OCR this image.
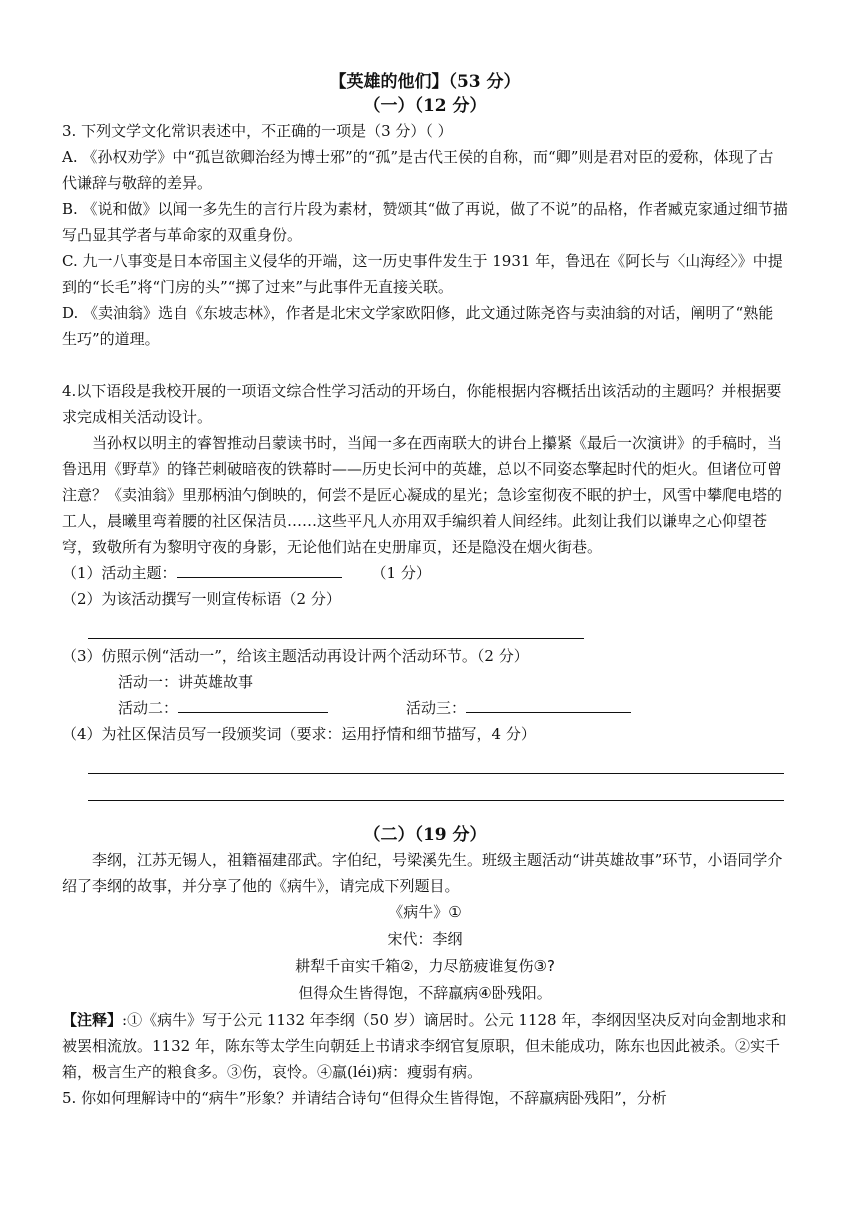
【英雄的他们】（53 分）

（一）（12 分）

3. 下列文学文化常识表述中，不正确的一项是（3 分）（ ）

A. 《孙权劝学》中“孤岂欲卿治经为博士邪”的“孤”是古代王侯的自称，而“卿”则是君对臣的爱称，体现了古代谦辞与敬辞的差异。

B. 《说和做》以闻一多先生的言行片段为素材，赞颂其“做了再说，做了不说”的品格，作者臧克家通过细节描写凸显其学者与革命家的双重身份。

C. 九一八事变是日本帝国主义侵华的开端，这一历史事件发生于 1931 年，鲁迅在《阿长与〈山海经〉》中提到的“长毛”将“门房的头”“掷了过来”与此事件无直接关联。

D. 《卖油翁》选自《东坡志林》，作者是北宋文学家欧阳修，此文通过陈尧咨与卖油翁的对话，阐明了“熟能生巧”的道理。

4.以下语段是我校开展的一项语文综合性学习活动的开场白，你能根据内容概括出该活动的主题吗？并根据要求完成相关活动设计。

当孙权以明主的睿智推动吕蒙读书时，当闻一多在西南联大的讲台上攥紧《最后一次演讲》的手稿时，当鲁迅用《野草》的锋芒刺破暗夜的铁幕时——历史长河中的英雄，总以不同姿态擎起时代的炬火。但诸位可曾注意？《卖油翁》里那柄油勺倒映的，何尝不是匠心凝成的星光；急诊室彻夜不眠的护士，风雪中攀爬电塔的工人，晨曦里弯着腰的社区保洁员……这些平凡人亦用双手编织着人间经纬。此刻让我们以谦卑之心仰望苍穹，致敬所有为黎明守夜的身影，无论他们站在史册扉页，还是隐没在烟火街巷。

（1）活动主题：	（1 分）

（2）为该活动撰写一则宣传标语（2 分）

（3）仿照示例“活动一”，给该主题活动再设计两个活动环节。（2 分）

活动一：讲英雄故事

活动二：	活动三：

（4）为社区保洁员写一段颁奖词（要求：运用抒情和细节描写，4 分）

（二）（19 分）

李纲，江苏无锡人，祖籍福建邵武。字伯纪，号梁溪先生。班级主题活动“讲英雄故事”环节，小语同学介绍了李纲的故事，并分享了他的《病牛》，请完成下列题目。

《病牛》①

宋代：李纲

耕犁千亩实千箱②，力尽筋疲谁复伤③?

但得众生皆得饱，不辞羸病④卧残阳。

【注释】:①《病牛》写于公元 1132 年李纲（50 岁）谪居时。公元 1128 年，李纲因坚决反对向金割地求和被罢相流放。1132 年，陈东等太学生向朝廷上书请求李纲官复原职，但未能成功，陈东也因此被杀。②实千箱，极言生产的粮食多。③伤，哀怜。④羸(léi)病：瘦弱有病。

5. 你如何理解诗中的“病牛”形象？并请结合诗句“但得众生皆得饱，不辞羸病卧残阳”，分析
